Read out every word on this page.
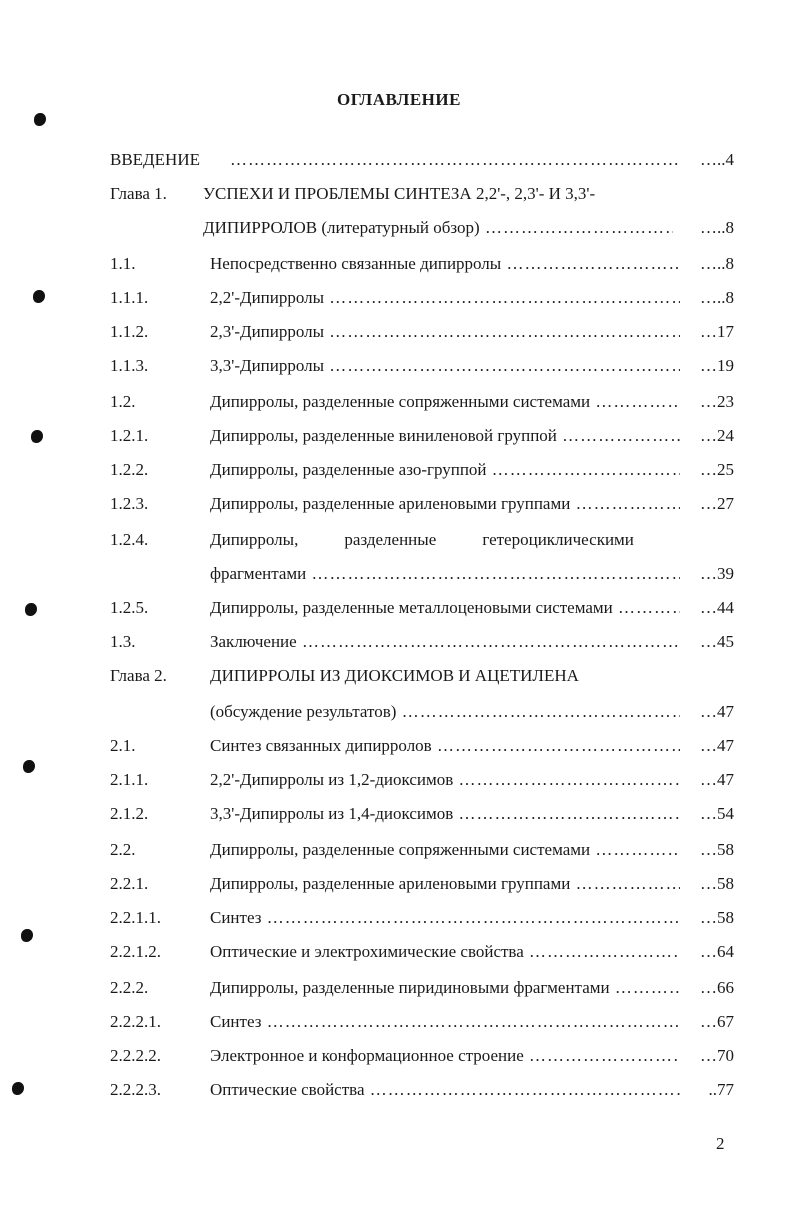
ОГЛАВЛЕНИЕ
ВВЕДЕНИЕ ……………………………………………………………………………………………………………………………………	….. 4
Глава 1. УСПЕХИ И ПРОБЛЕМЫ СИНТЕЗА 2,2'-, 2,3'- И 3,3'-
ДИПИРРОЛОВ (литературный обзор) ……………………………………………………………………………………………………………………………………	….. 8
1.1.	Непосредственно связанные дипирролы ……………………………………………………………………………………………………………………………………	….. 8
1.1.1.	2,2'-Дипирролы ……………………………………………………………………………………………………………………………………	….. 8
1.1.2.	2,3'-Дипирролы ……………………………………………………………………………………………………………………………………	… 17
1.1.3.	3,3'-Дипирролы ……………………………………………………………………………………………………………………………………	… 19
1.2.	Дипирролы, разделенные сопряженными системами ……………………………………………………………………………………………………………………………………	… 23
1.2.1.	Дипирролы, разделенные виниленовой группой ……………………………………………………………………………………………………………………………………	… 24
1.2.2.	Дипирролы, разделенные азо-группой ……………………………………………………………………………………………………………………………………	… 25
1.2.3.	Дипирролы, разделенные ариленовыми группами ……………………………………………………………………………………………………………………………………	… 27
1.2.4.	Дипирролы,	разделенные	гетероциклическими
фрагментами ……………………………………………………………………………………………………………………………………	… 39
1.2.5.	Дипирролы, разделенные металлоценовыми системами ……………………………………………………………………………………………………………………………………	… 44
1.3.	Заключение ……………………………………………………………………………………………………………………………………	… 45
Глава 2.	ДИПИРРОЛЫ ИЗ ДИОКСИМОВ И АЦЕТИЛЕНА
(обсуждение результатов) ……………………………………………………………………………………………………………………………………	… 47
2.1.	Синтез связанных дипирролов ……………………………………………………………………………………………………………………………………	… 47
2.1.1.	2,2'-Дипирролы из 1,2-диоксимов ……………………………………………………………………………………………………………………………………	… 47
2.1.2.	3,3'-Дипирролы из 1,4-диоксимов ……………………………………………………………………………………………………………………………………	… 54
2.2.	Дипирролы, разделенные сопряженными системами ……………………………………………………………………………………………………………………………………	… 58
2.2.1.	Дипирролы, разделенные ариленовыми группами ……………………………………………………………………………………………………………………………………	… 58
2.2.1.1.	Синтез ……………………………………………………………………………………………………………………………………	… 58
2.2.1.2.	Оптические и электрохимические свойства ……………………………………………………………………………………………………………………………………	… 64
2.2.2.	Дипирролы, разделенные пиридиновыми фрагментами ……………………………………………………………………………………………………………………………………	… 66
2.2.2.1.	Синтез ……………………………………………………………………………………………………………………………………	… 67
2.2.2.2.	Электронное и конформационное строение ……………………………………………………………………………………………………………………………………	… 70
2.2.2.3.	Оптические свойства ……………………………………………………………………………………………………………………………………	.. 77
2
